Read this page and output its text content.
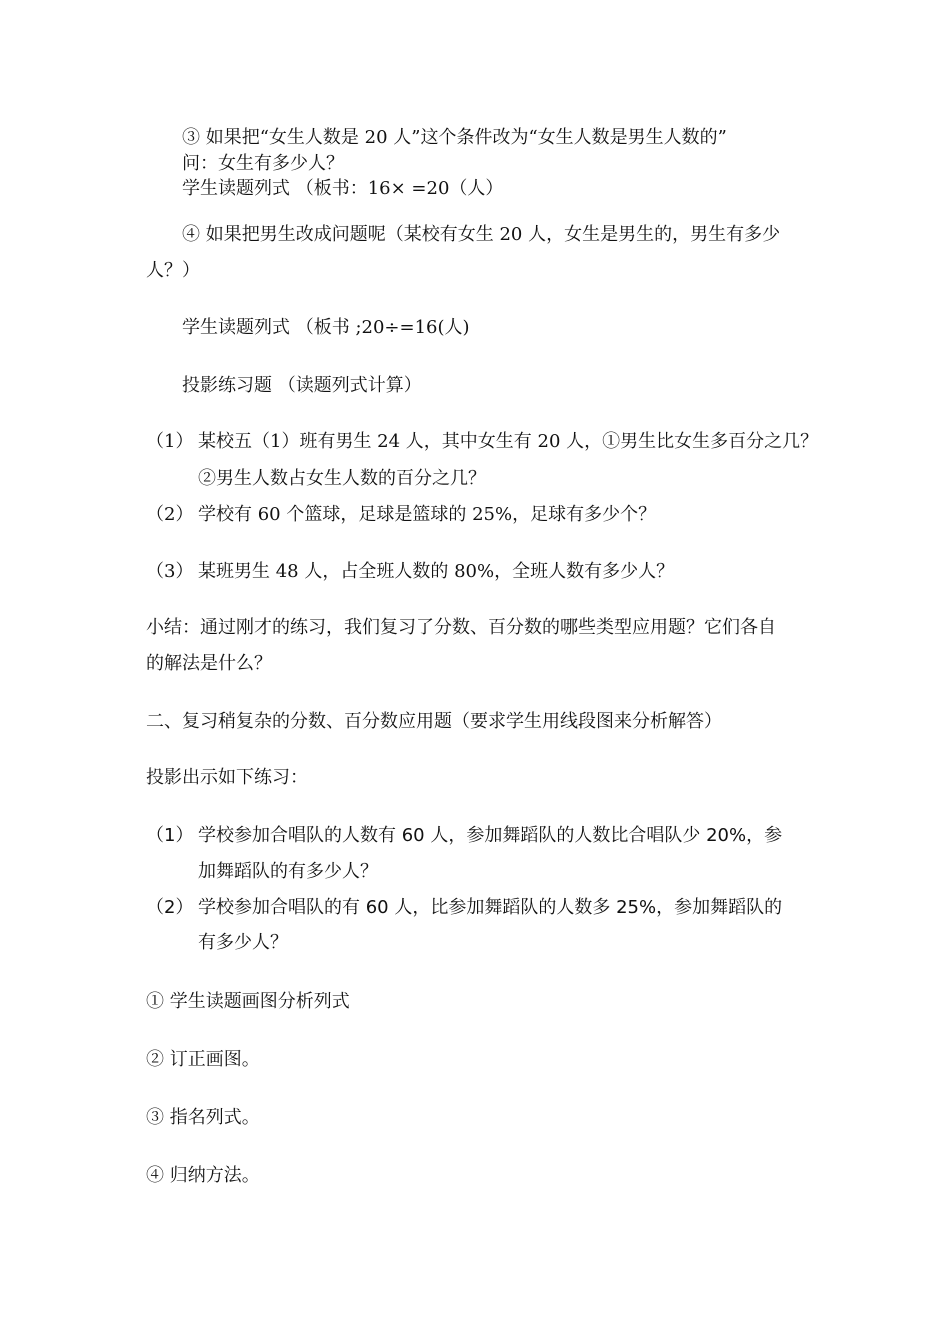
③ 如果把“女生人数是 20 人”这个条件改为“女生人数是男生人数的”
问：女生有多少人？
学生读题列式 （板书：16× =20（人）
④ 如果把男生改成问题呢（某校有女生 20 人，女生是男生的，男生有多少
人？）
学生读题列式 （板书 ;20÷=16(人)
投影练习题 （读题列式计算）
（1） 某校五（1）班有男生 24 人，其中女生有 20 人，①男生比女生多百分之几？
②男生人数占女生人数的百分之几？
（2） 学校有 60 个篮球，足球是篮球的 25%，足球有多少个？
（3） 某班男生 48 人，占全班人数的 80%，全班人数有多少人？
小结：通过刚才的练习，我们复习了分数、百分数的哪些类型应用题？它们各自
的解法是什么？
二、复习稍复杂的分数、百分数应用题（要求学生用线段图来分析解答）
投影出示如下练习：
（1） 学校参加合唱队的人数有 60 人，参加舞蹈队的人数比合唱队少 20%，参
加舞蹈队的有多少人？
（2） 学校参加合唱队的有 60 人，比参加舞蹈队的人数多 25%，参加舞蹈队的
有多少人？
① 学生读题画图分析列式
② 订正画图。
③ 指名列式。
④ 归纳方法。
